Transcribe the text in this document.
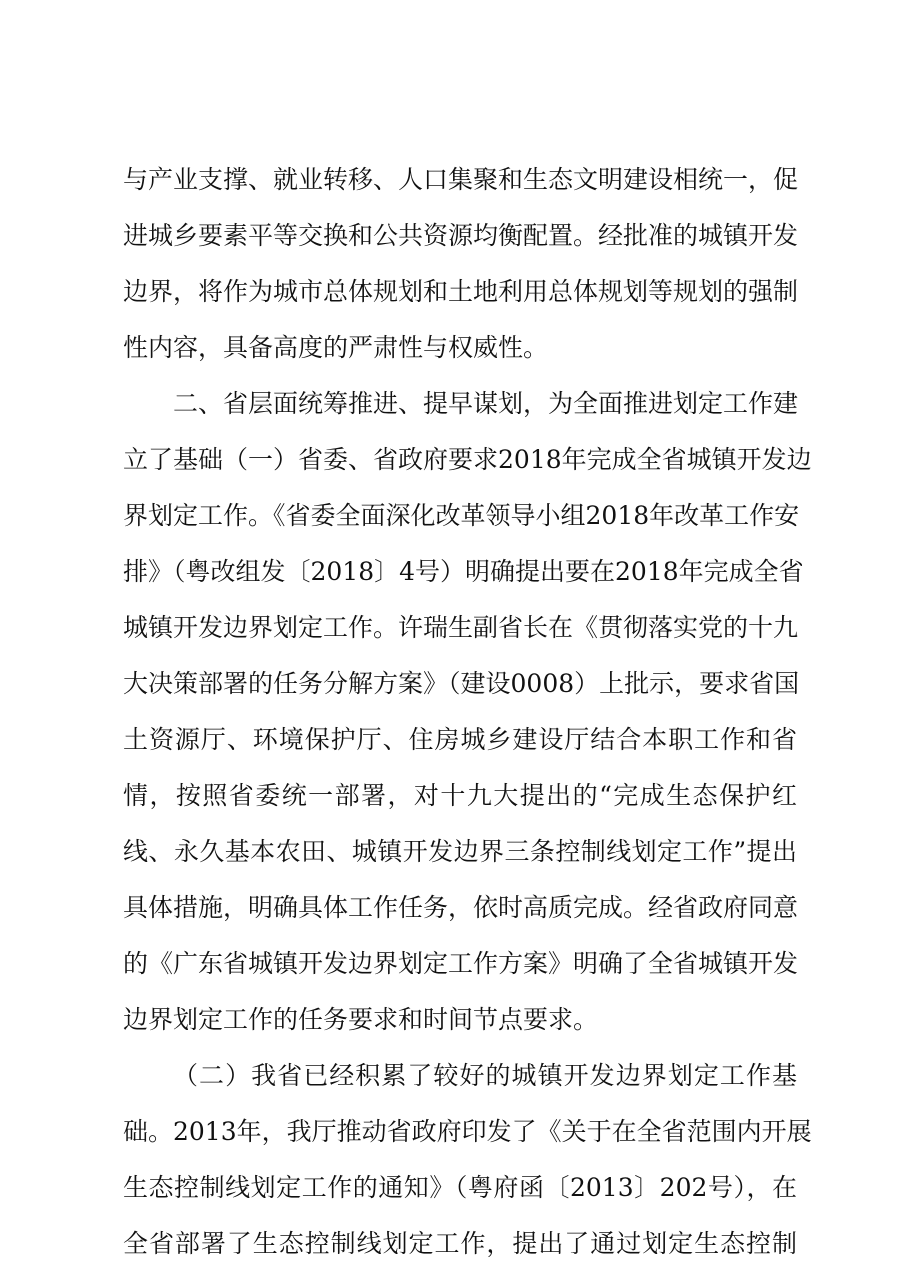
与产业支撑、就业转移、人口集聚和生态文明建设相统一，促
进城乡要素平等交换和公共资源均衡配置。经批准的城镇开发
边界，将作为城市总体规划和土地利用总体规划等规划的强制
性内容，具备高度的严肃性与权威性。
二、省层面统筹推进、提早谋划，为全面推进划定工作建
立了基础（一）省委、省政府要求2018年完成全省城镇开发边
界划定工作。《省委全面深化改革领导小组2018年改革工作安
排》（粤改组发〔2018〕4号）明确提出要在2018年完成全省
城镇开发边界划定工作。许瑞生副省长在《贯彻落实党的十九
大决策部署的任务分解方案》（建设0008）上批示，要求省国
土资源厅、环境保护厅、住房城乡建设厅结合本职工作和省
情，按照省委统一部署，对十九大提出的“完成生态保护红
线、永久基本农田、城镇开发边界三条控制线划定工作”提出
具体措施，明确具体工作任务，依时高质完成。经省政府同意
的《广东省城镇开发边界划定工作方案》明确了全省城镇开发
边界划定工作的任务要求和时间节点要求。
（二）我省已经积累了较好的城镇开发边界划定工作基
础。2013年，我厅推动省政府印发了《关于在全省范围内开展
生态控制线划定工作的通知》（粤府函〔2013〕202号），在
全省部署了生态控制线划定工作，提出了通过划定生态控制
